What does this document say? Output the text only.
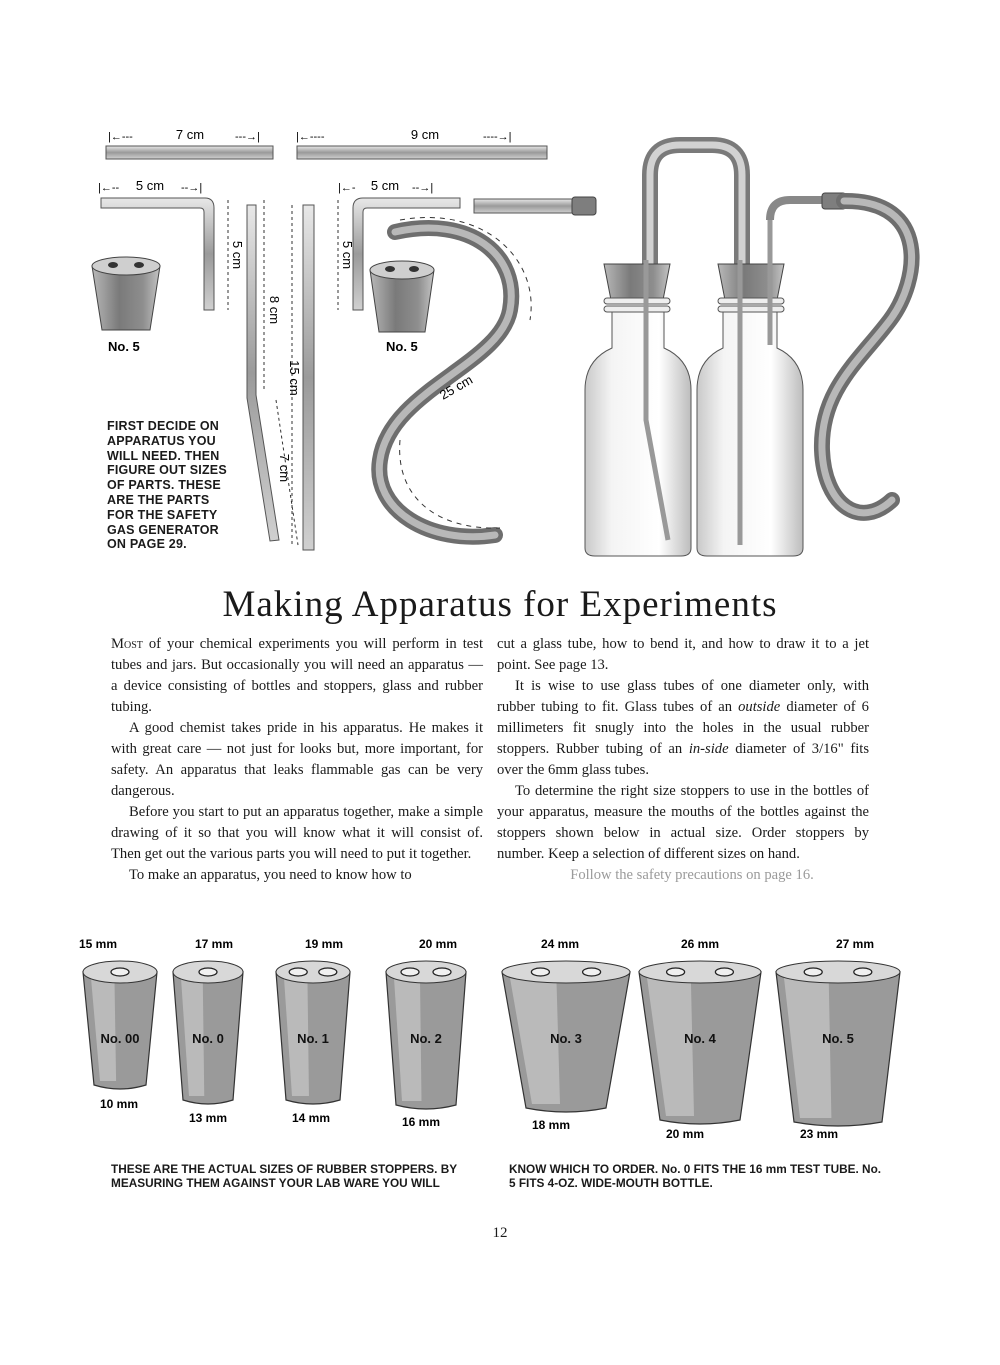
7 cm
|←---	---→|	9 cm
|←----	----→|
5 cm
|←--	--→|
5 cm
No. 5
8 cm
7 cm
15 cm
5 cm
|←-	--→|
5 cm
No. 5
25 cm
FIRST DECIDE ON APPARATUS YOU WILL NEED. THEN FIGURE OUT SIZES OF PARTS. THESE ARE THE PARTS FOR THE SAFETY GAS GENERATOR ON PAGE 29.
Making Apparatus for Experiments

Most of your chemical experiments you will perform in test tubes and jars. But occasionally you will need an apparatus — a device consisting of bottles and stoppers, glass and rubber tubing.

A good chemist takes pride in his apparatus. He makes it with great care — not just for looks but, more important, for safety. An apparatus that leaks flammable gas can be very dangerous.

Before you start to put an apparatus together, make a simple drawing of it so that you will know what it will consist of. Then get out the various parts you will need to put it together.

To make an apparatus, you need to know how to

cut a glass tube, how to bend it, and how to draw it to a jet point. See page 13.

It is wise to use glass tubes of one diameter only, with rubber tubing to fit. Glass tubes of an outside diameter of 6 millimeters fit snugly into the holes in the usual rubber stoppers. Rubber tubing of an in-side diameter of 3/16" fits over the 6mm glass tubes.

To determine the right size stoppers to use in the bottles of your apparatus, measure the mouths of the bottles against the stoppers shown below in actual size. Order stoppers by number. Keep a selection of different sizes on hand.

Follow the safety precautions on page 16.

15 mm
No. 00
10 mm
17 mm
No. 0
13 mm
19 mm
No. 1
14 mm
20 mm
No. 2
16 mm
24 mm
No. 3
18 mm
26 mm
No. 4
20 mm
27 mm
No. 5
23 mm
THESE ARE THE ACTUAL SIZES OF RUBBER STOPPERS. BY MEASURING THEM AGAINST YOUR LAB WARE YOU WILL
KNOW WHICH TO ORDER. No. 0 FITS THE 16 mm TEST TUBE. No. 5 FITS 4-OZ. WIDE-MOUTH BOTTLE.
12
